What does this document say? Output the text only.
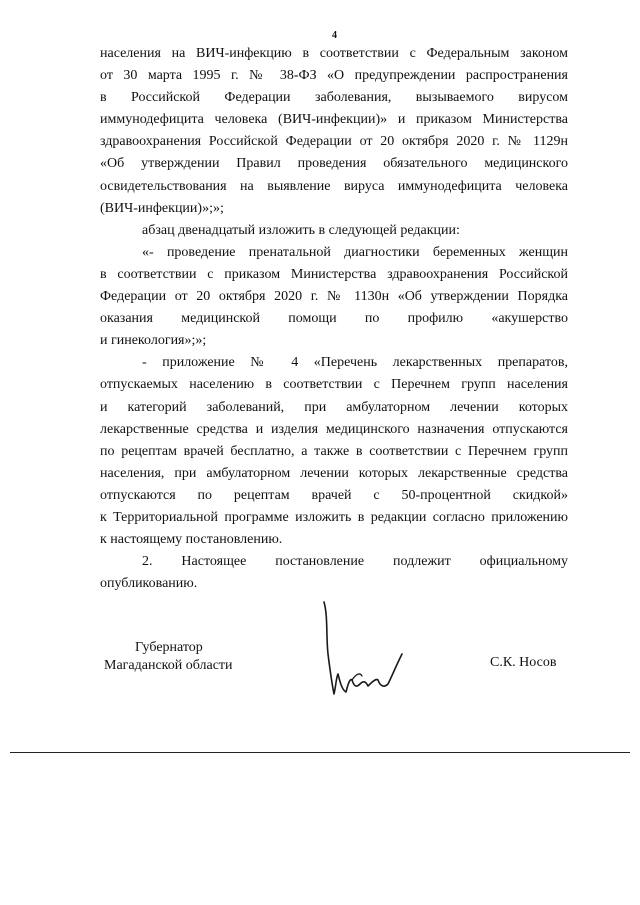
4
населения на ВИЧ-инфекцию в соответствии с Федеральным законом
от 30 марта 1995 г. № 38-ФЗ «О предупреждении распространения
в Российской Федерации заболевания, вызываемого вирусом
иммунодефицита человека (ВИЧ-инфекции)» и приказом Министерства
здравоохранения Российской Федерации от 20 октября 2020 г. № 1129н
«Об утверждении Правил проведения обязательного медицинского
освидетельствования на выявление вируса иммунодефицита человека
(ВИЧ-инфекции)»;»;
абзац двенадцатый изложить в следующей редакции:
«- проведение пренатальной диагностики беременных женщин
в соответствии с приказом Министерства здравоохранения Российской
Федерации от 20 октября 2020 г. № 1130н «Об утверждении Порядка
оказания медицинской помощи по профилю «акушерство
и гинекология»;»;
- приложение № 4 «Перечень лекарственных препаратов,
отпускаемых населению в соответствии с Перечнем групп населения
и категорий заболеваний, при амбулаторном лечении которых
лекарственные средства и изделия медицинского назначения отпускаются
по рецептам врачей бесплатно, а также в соответствии с Перечнем групп
населения, при амбулаторном лечении которых лекарственные средства
отпускаются по рецептам врачей с 50-процентной скидкой»
к Территориальной программе изложить в редакции согласно приложению
к настоящему постановлению.
2. Настоящее постановление подлежит официальному
опубликованию.
Губернатор
Магаданской области	С.К. Носов
